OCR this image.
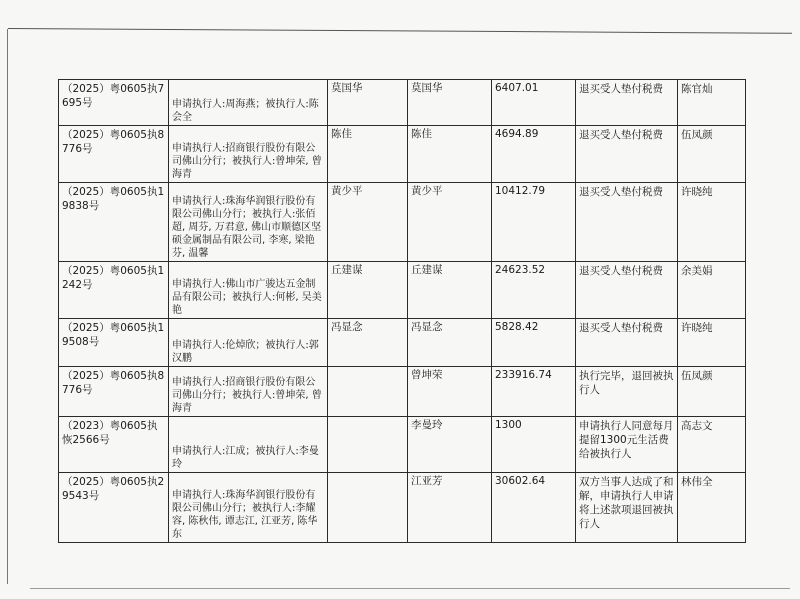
（2025）粤0605执7695号	申请执行人:周海燕；被执行人:陈会全	莫国华	莫国华	6407.01	退买受人垫付税费	陈官灿
（2025）粤0605执8776号	申请执行人:招商银行股份有限公司佛山分行；被执行人:曾坤荣, 曾海青	陈佳	陈佳	4694.89	退买受人垫付税费	伍凤颜
（2025）粤0605执19838号	申请执行人:珠海华润银行股份有限公司佛山分行；被执行人:张佰超, 周芬, 万君意, 佛山市顺德区坚硕金属制品有限公司, 李寒, 梁艳芬, 温馨	黄少平	黄少平	10412.79	退买受人垫付税费	许晓纯
（2025）粤0605执1242号	申请执行人:佛山市广骏达五金制品有限公司；被执行人:何彬, 吴美艳	丘建谋	丘建谋	24623.52	退买受人垫付税费	余美娟
（2025）粤0605执19508号	申请执行人:伦焯欣；被执行人:郭汉鹏	冯显念	冯显念	5828.42	退买受人垫付税费	许晓纯
（2025）粤0605执8776号	申请执行人:招商银行股份有限公司佛山分行；被执行人:曾坤荣, 曾海青		曾坤荣	233916.74	执行完毕，退回被执行人	伍凤颜
（2023）粤0605执恢2566号	申请执行人:江成；被执行人:李曼玲		李曼玲	1300	申请执行人同意每月提留1300元生活费给被执行人	高志文
（2025）粤0605执29543号	申请执行人:珠海华润银行股份有限公司佛山分行；被执行人:李耀容, 陈秋伟, 谭志江, 江亚芳, 陈华东		江亚芳	30602.64	双方当事人达成了和解，申请执行人申请将上述款项退回被执行人	林伟全
